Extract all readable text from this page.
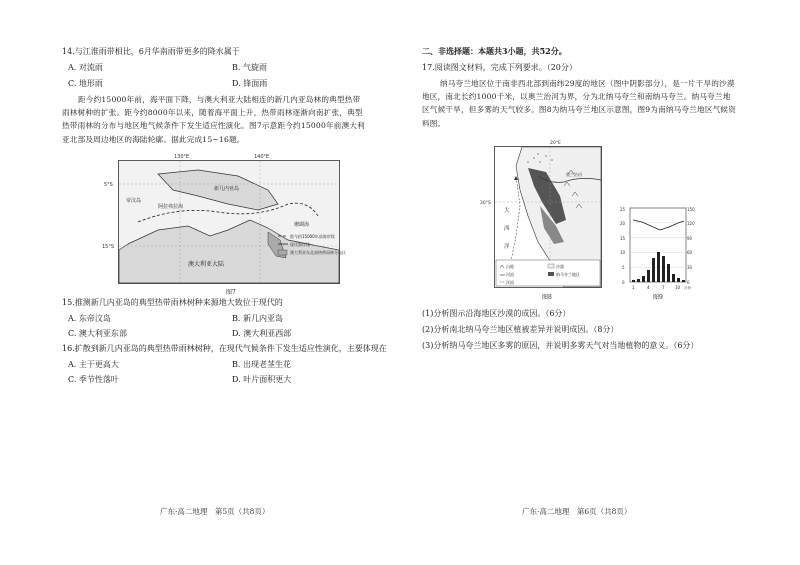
14.与江淮雨带相比，6月华南雨带更多的降水属于
A. 对流雨	B. 气旋雨
C. 地形雨	D. 锋面雨
距今约15000年前，海平面下降，与澳大利亚大陆相连的新几内亚岛林的典型热带雨林树种的扩张。距今约8000年以来，随着海平面上升，热带雨林逐渐向南扩张，典型热带雨林的分布与地区地气候条件下发生适应性演化。图7示意距今约15000年前澳大利亚北部及周边地区的海陆轮廓。据此完成15~16题。
130°E	140°E
5°S
15°S
新几内亚岛
阿拉弗拉海
帝汶岛
珊瑚海
澳大利亚大陆
距今约15000年前海岸线
现代海岸线
澳大利亚东北部热带雨林分布区
图7
15.推测新几内亚岛的典型热带雨林树种来源地大致位于现代的
A. 东帝汶岛	B. 新几内亚岛
C. 澳大利亚东部	D. 澳大利亚西部
16.扩散到新几内亚岛的典型热带雨林树种，在现代气候条件下发生适应性演化，主要体现在
A. 主干更高大	B. 出现老茎生花
C. 季节性落叶	D. 叶片面积更大
广东·高二地理　第5页（共8页）
二、非选择题：本题共3小题，共52分。
17.阅读图文材料，完成下列要求。（20分）
纳马夸兰地区位于南非西北部到南纬29度的地区（图中阴影部分），是一片干旱的沙漠地区，南北长约1000千米，以奥兰治河为界，分为北纳马夸兰和南纳马夸兰。纳马夸兰地区气候干旱，但多雾的天气较多。图8为纳马夸兰地区示意图，图9为南纳马夸兰地区气候资料图。
30°S
20°E
大
西
洋
奥兰治河
山地
河流
沙漠
纳马夸兰地区
洋流
图8
25
20
15
10
5
0
150
120
90
60
30
0
1	4	7	10 月份
图9
(1)分析图示沿海地区沙漠的成因。（6分）
(2)分析南北纳马夸兰地区植被差异并说明成因。（8分）
(3)分析纳马夸兰地区多雾的原因，并说明多雾天气对当地植物的意义。（6分）
广东·高二地理　第6页（共8页）
